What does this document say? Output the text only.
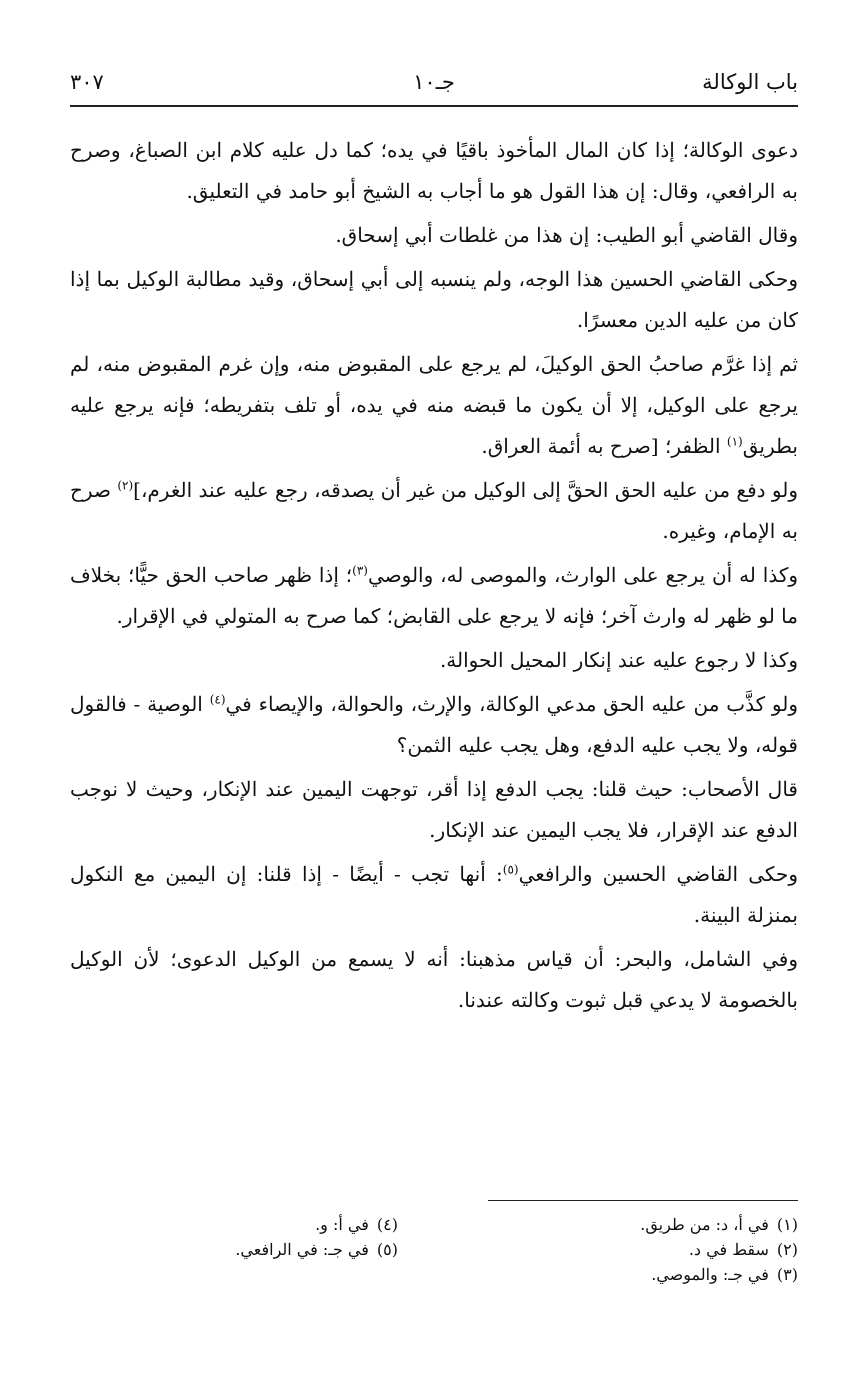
باب الوكالة
جـ١٠
٣٠٧

دعوى الوكالة؛ إذا كان المال المأخوذ باقيًا في يده؛ كما دل عليه كلام ابن الصباغ، وصرح به الرافعي، وقال: إن هذا القول هو ما أجاب به الشيخ أبو حامد في التعليق.

وقال القاضي أبو الطيب: إن هذا من غلطات أبي إسحاق.

وحكى القاضي الحسين هذا الوجه، ولم ينسبه إلى أبي إسحاق، وقيد مطالبة الوكيل بما إذا كان من عليه الدين معسرًا.

ثم إذا غرَّم صاحبُ الحق الوكيلَ، لم يرجع على المقبوض منه، وإن غرم المقبوض منه، لم يرجع على الوكيل، إلا أن يكون ما قبضه منه في يده، أو تلف بتفريطه؛ فإنه يرجع عليه بطريق$^{(١)}$ الظفر؛ [صرح به أئمة العراق.

ولو دفع من عليه الحق الحقَّ إلى الوكيل من غير أن يصدقه، رجع عليه عند الغرم،]$^{(٢)}$ صرح به الإمام، وغيره.

وكذا له أن يرجع على الوارث، والموصى له، والوصي$^{(٣)}$؛ إذا ظهر صاحب الحق حيًّا؛ بخلاف ما لو ظهر له وارث آخر؛ فإنه لا يرجع على القابض؛ كما صرح به المتولي في الإقرار.

وكذا لا رجوع عليه عند إنكار المحيل الحوالة.

ولو كذَّب من عليه الحق مدعي الوكالة، والإرث، والحوالة، والإيصاء في$^{(٤)}$ الوصية - فالقول قوله، ولا يجب عليه الدفع، وهل يجب عليه الثمن؟

قال الأصحاب: حيث قلنا: يجب الدفع إذا أقر، توجهت اليمين عند الإنكار، وحيث لا نوجب الدفع عند الإقرار، فلا يجب اليمين عند الإنكار.

وحكى القاضي الحسين والرافعي$^{(٥)}$: أنها تجب - أيضًا - إذا قلنا: إن اليمين مع النكول بمنزلة البينة.

وفي الشامل، والبحر: أن قياس مذهبنا: أنه لا يسمع من الوكيل الدعوى؛ لأن الوكيل بالخصومة لا يدعي قبل ثبوت وكالته عندنا.

(١)في أ، د: من طريق.
(٢)سقط في د.
(٣)في جـ: والموصي.
(٤)في أ: و.
(٥)في جـ: في الرافعي.
